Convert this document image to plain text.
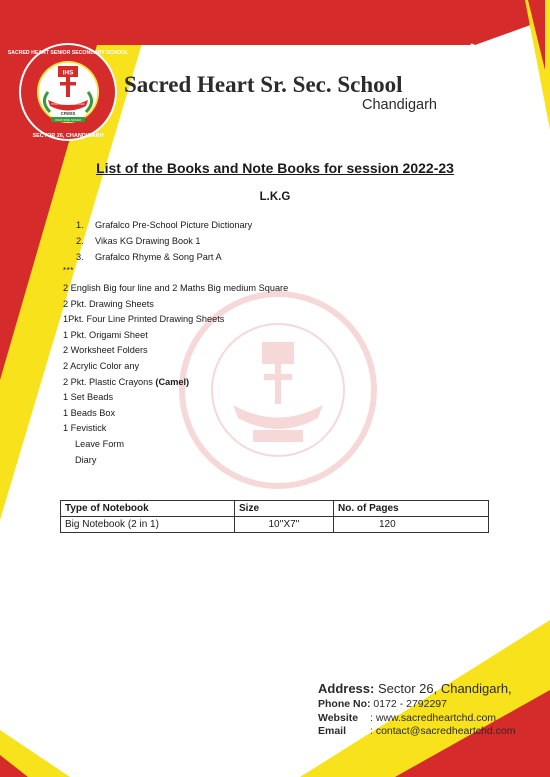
SACRED HEART SENIOR SECONDARY SCHOOL
SECTOR 26, CHANDIGARH
IHS
PORTIO	MISTER
CFMSS
UNUS SINE NOCEO
Sacred Heart Sr. Sec. School
Chandigarh
List of the Books and Note Books for session 2022-23
L.K.G
1. Grafalco Pre-School Picture Dictionary
2. Vikas KG Drawing Book 1
3. Grafalco Rhyme & Song Part A
***
2 English Big four line and 2 Maths Big medium Square
2 Pkt. Drawing Sheets
1Pkt. Four Line Printed Drawing Sheets
1 Pkt. Origami Sheet
2 Worksheet Folders
2 Acrylic Color any
2 Pkt. Plastic Crayons (Camel)
1 Set Beads
1 Beads Box
1 Fevistick
Leave Form
Diary
Type of Notebook	Size	No. of Pages
Big Notebook (2 in 1)	10''X7''	120
Address: Sector 26, Chandigarh,
Phone No: 0172 - 2792297
Website : www.sacredheartchd.com
Email : contact@sacredheartchd.com
